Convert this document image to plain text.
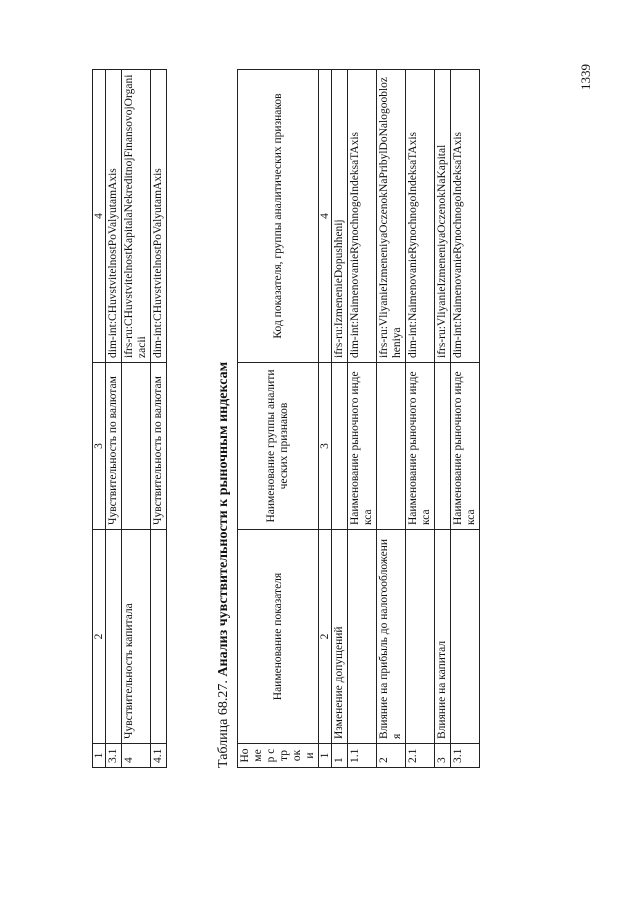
1339
1	2	3	4
3.1		Чувствительность по валютам	dim-int:CHuvstvitelnostPoValyutamAxis
4	Чувствительность капитала		ifrs-ru:CHuvstvitelnostKapitalaNekreditnojFinansovojOrganizacii
4.1		Чувствительность по валютам	dim-int:CHuvstvitelnostPoValyutamAxis
Таблица 68.27. Анализ чувствительности к рыночным индексам
Номер строки	Наименование показателя	Наименование группы аналитических признаков	Код показателя, группы аналитических признаков
1	2	3	4
1	Изменение допущений		ifrs-ru:IzmenenieDopushhenij
1.1		Наименование рыночного индекса	dim-int:NaimenovanieRynochnogoIndeksaTAxis
2	Влияние на прибыль до налогообложения		ifrs-ru:VliyanieIzmeneniyaOczenokNaPribylDoNalogooblozheniya
2.1		Наименование рыночного индекса	dim-int:NaimenovanieRynochnogoIndeksaTAxis
3	Влияние на капитал		ifrs-ru:VliyanieIzmeneniyaOczenokNaKapital
3.1		Наименование рыночного индекса	dim-int:NaimenovanieRynochnogoIndeksaTAxis
